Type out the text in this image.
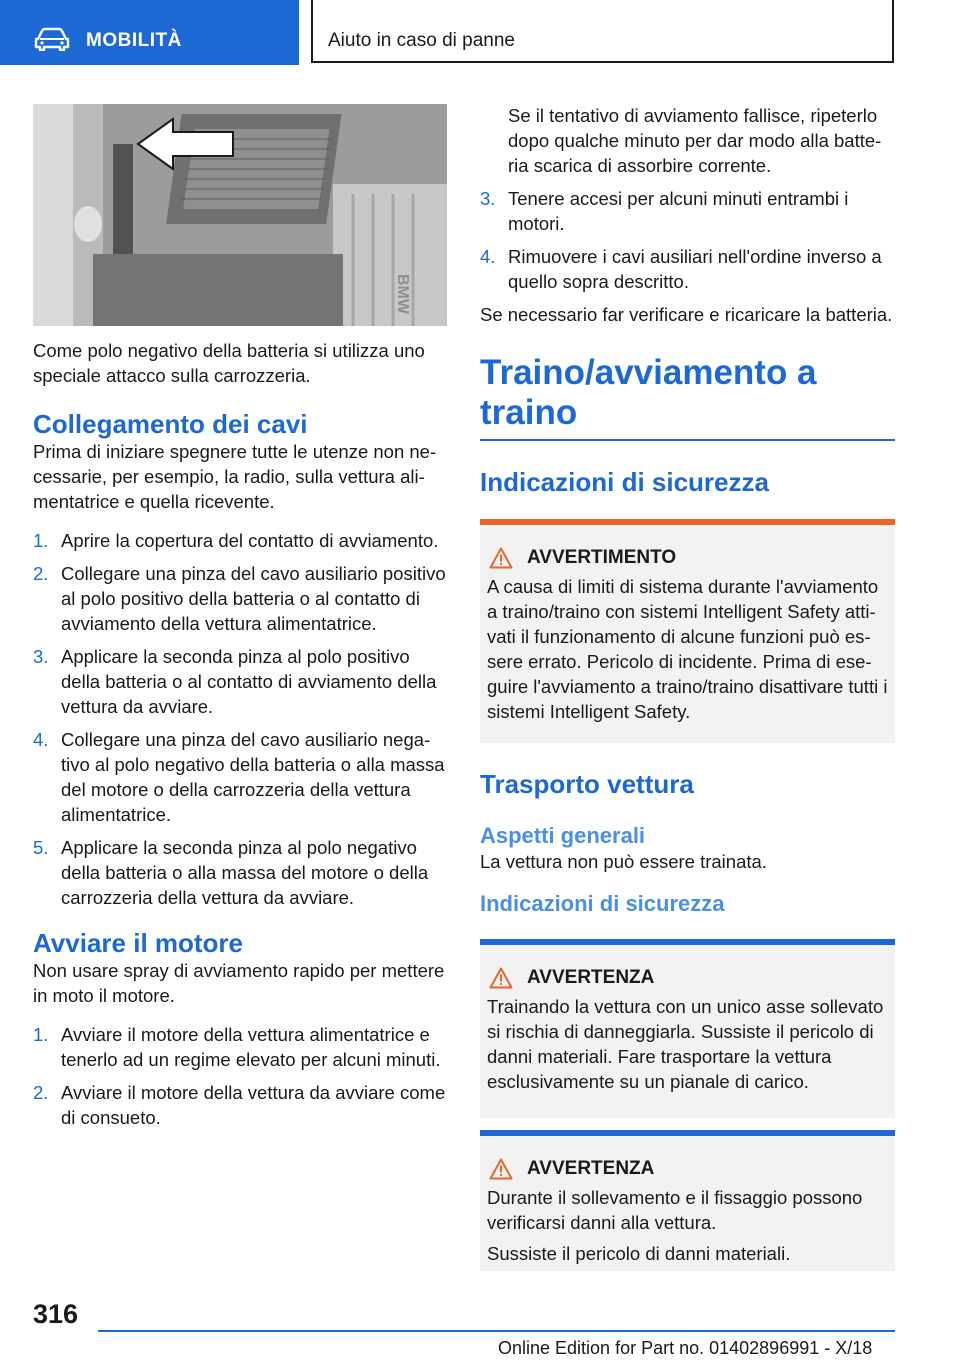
MOBILITÀ	Aiuto in caso di panne
BMW

Come polo negativo della batteria si utilizza uno speciale attacco sulla carrozzeria.

Collegamento dei cavi

Prima di iniziare spegnere tutte le utenze non necessarie, per esempio, la radio, sulla vettura alimentatrice e quella ricevente.

1. Aprire la copertura del contatto di avviamento.
2. Collegare una pinza del cavo ausiliario positivo al polo positivo della batteria o al contatto di avviamento della vettura alimentatrice.
3. Applicare la seconda pinza al polo positivo della batteria o al contatto di avviamento della vettura da avviare.
4. Collegare una pinza del cavo ausiliario negativo al polo negativo della batteria o alla massa del motore o della carrozzeria della vettura alimentatrice.
5. Applicare la seconda pinza al polo negativo della batteria o alla massa del motore o della carrozzeria della vettura da avviare.
Avviare il motore

Non usare spray di avviamento rapido per mettere in moto il motore.

1. Avviare il motore della vettura alimentatrice e tenerlo ad un regime elevato per alcuni minuti.
2. Avviare il motore della vettura da avviare come di consueto.

Se il tentativo di avviamento fallisce, ripeterlo dopo qualche minuto per dar modo alla batteria scarica di assorbire corrente.

3. Tenere accesi per alcuni minuti entrambi i motori.
4. Rimuovere i cavi ausiliari nell'ordine inverso a quello sopra descritto.

Se necessario far verificare e ricaricare la batteria.

Traino/avviamento a traino
Indicazioni di sicurezza
AVVERTIMENTO

A causa di limiti di sistema durante l'avviamento a traino/traino con sistemi Intelligent Safety attivati il funzionamento di alcune funzioni può essere errato. Pericolo di incidente. Prima di eseguire l'avviamento a traino/traino disattivare tutti i sistemi Intelligent Safety.

Trasporto vettura
Aspetti generali

La vettura non può essere trainata.

Indicazioni di sicurezza
AVVERTENZA

Trainando la vettura con un unico asse sollevato si rischia di danneggiarla. Sussiste il pericolo di danni materiali. Fare trasportare la vettura esclusivamente su un pianale di carico.

AVVERTENZA

Durante il sollevamento e il fissaggio possono verificarsi danni alla vettura.

Sussiste il pericolo di danni materiali.

316
Online Edition for Part no. 01402896991 - X/18
